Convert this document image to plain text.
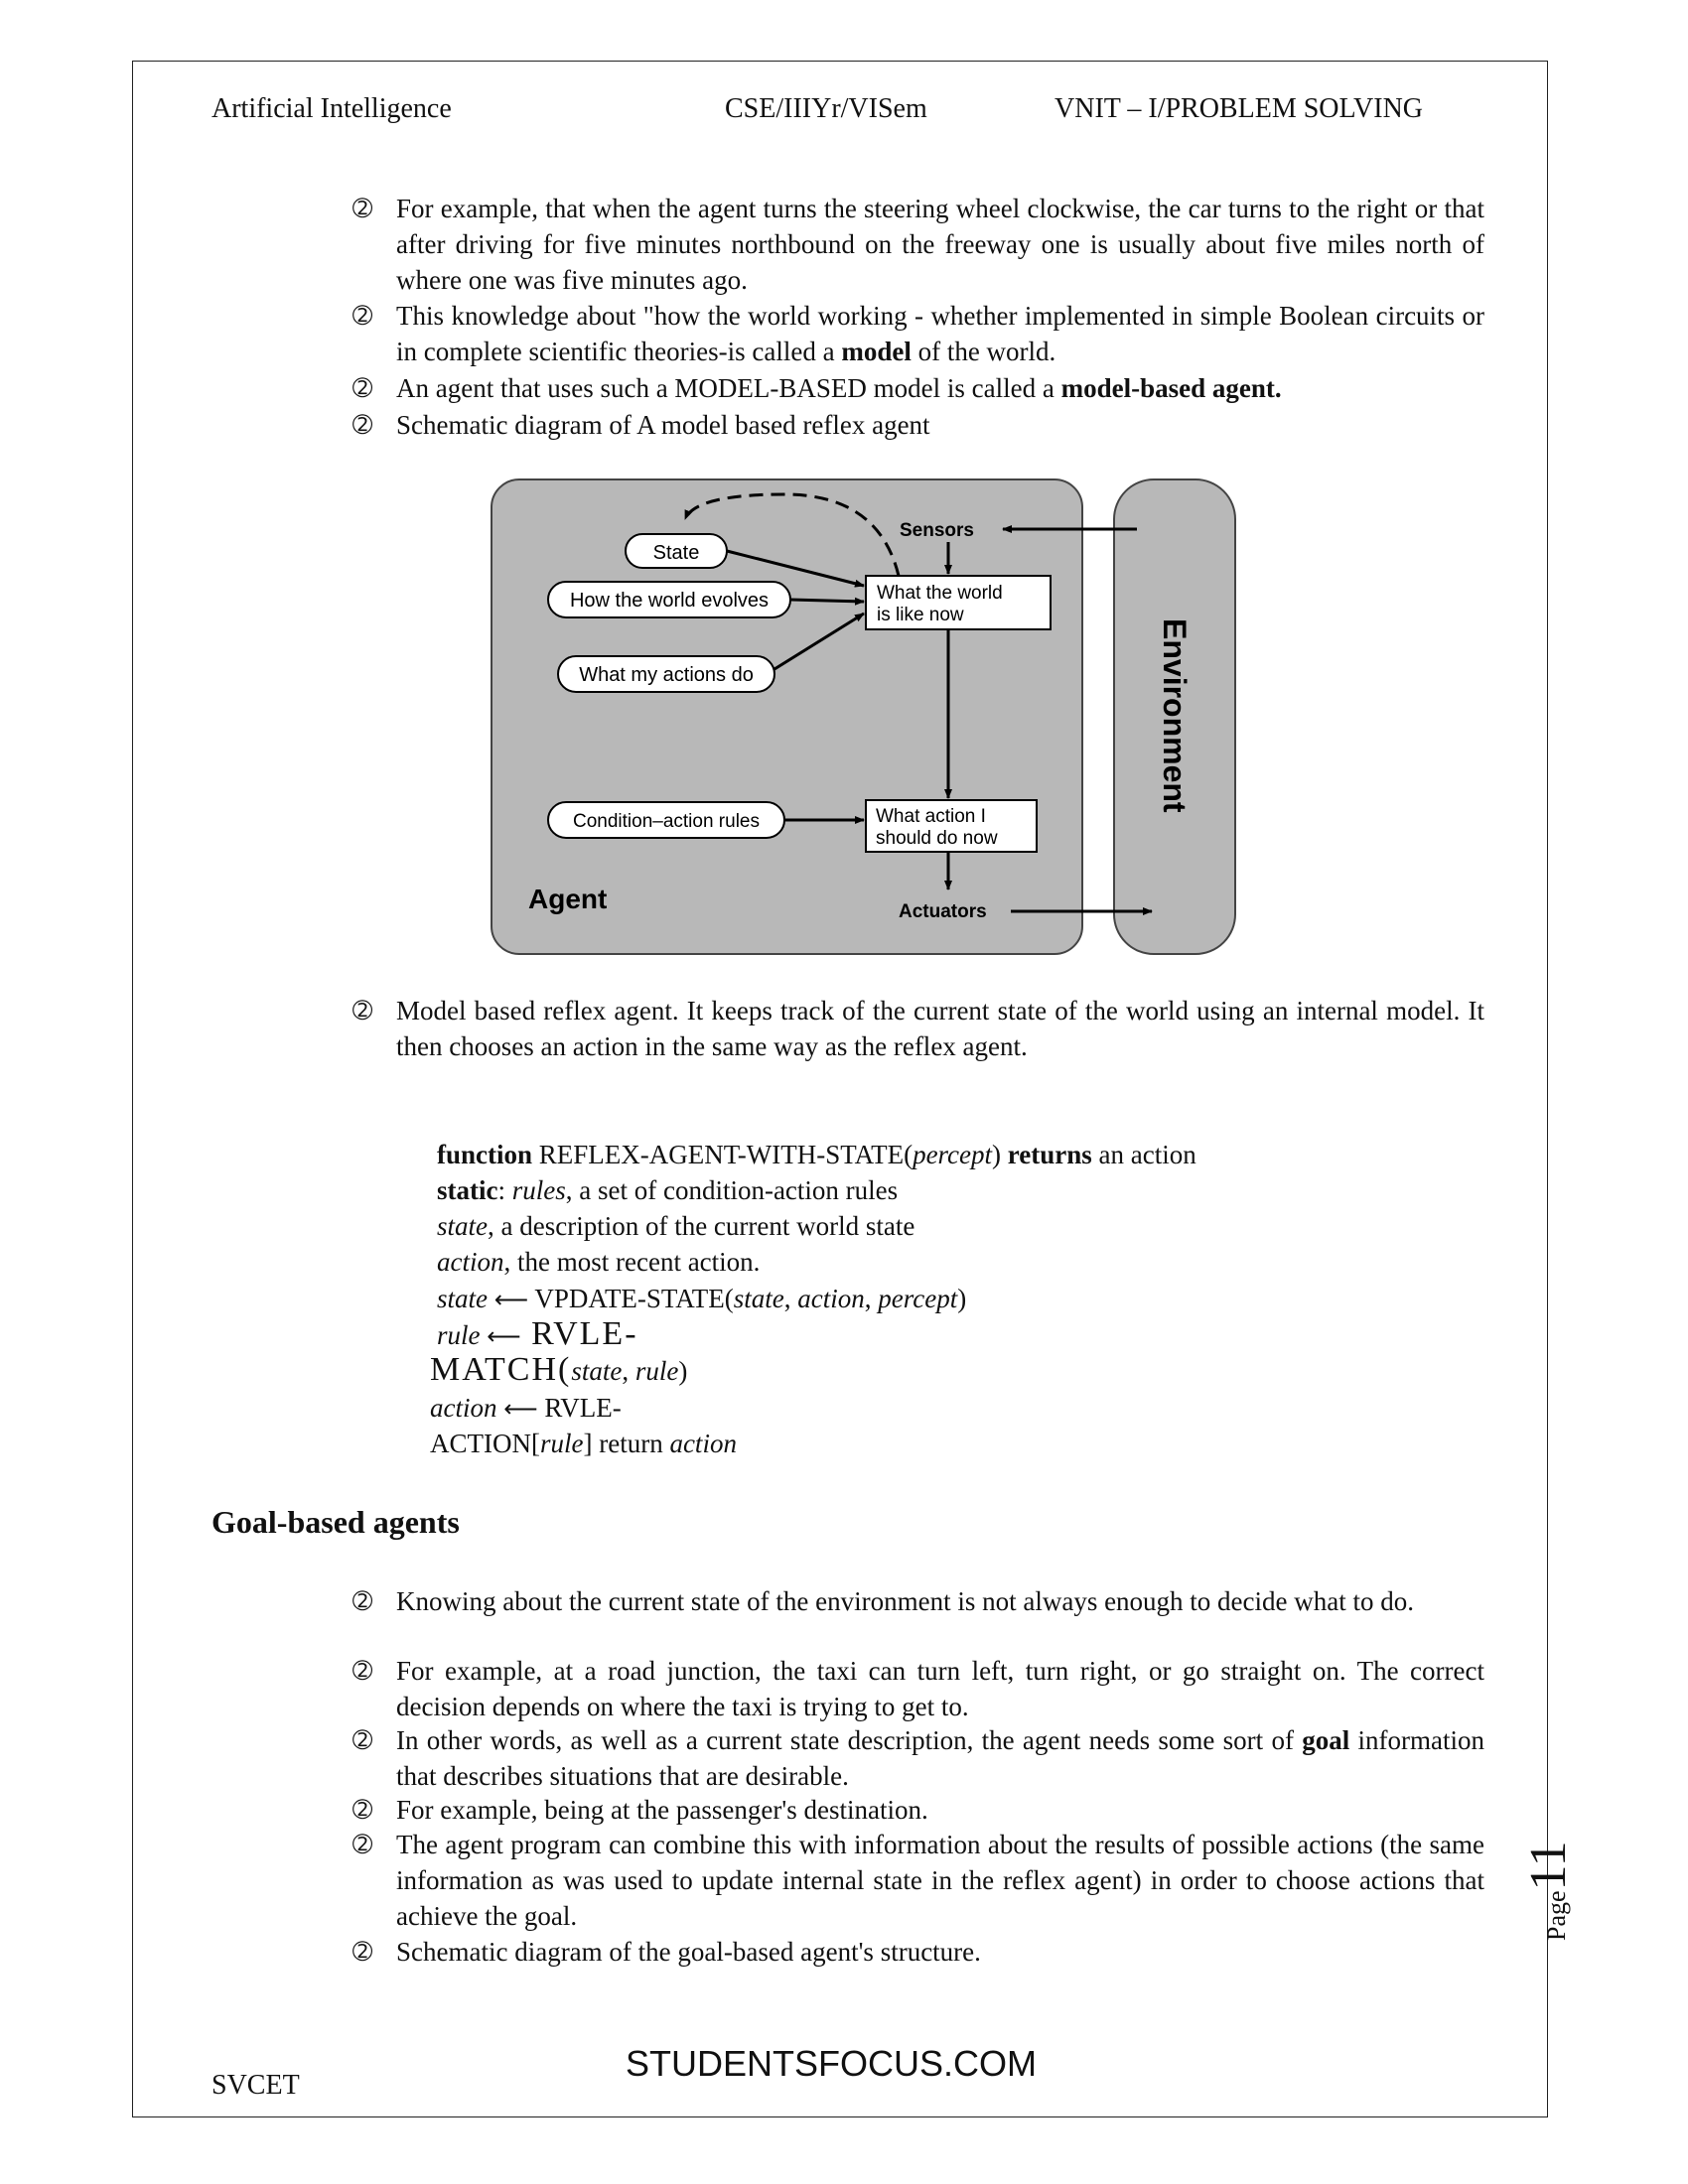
Artificial Intelligence	CSE/IIIYr/VISem	VNIT – I/PROBLEM SOLVING
➁ For example, that when the agent turns the steering wheel clockwise, the car turns to the right or that after driving for five minutes northbound on the freeway one is usually about five miles north of where one was five minutes ago.
➁ This knowledge about "how the world working - whether implemented in simple Boolean circuits or in complete scientific theories-is called a model of the world.
➁ An agent that uses such a MODEL-BASED model is called a model-based agent.
➁ Schematic diagram of A model based reflex agent
State
How the world evolves
What my actions do
What the world
is like now
Sensors
Condition–action rules	What action I
should do now
Actuators
Agent
Environment
➁ Model based reflex agent. It keeps track of the current state of the world using an internal model. It then chooses an action in the same way as the reflex agent.
function REFLEX-AGENT-WITH-STATE(percept) returns an action
static: rules, a set of condition-action rules
state, a description of the current world state
action, the most recent action.
state ⟵ VPDATE-STATE(state, action, percept)
rule ⟵ RVLE-
MATCH(state, rule)
action ⟵ RVLE-
ACTION[rule] return action
Goal-based agents
➁ Knowing about the current state of the environment is not always enough to decide what to do.
➁ For example, at a road junction, the taxi can turn left, turn right, or go straight on. The correct decision depends on where the taxi is trying to get to.
➁ In other words, as well as a current state description, the agent needs some sort of goal information that describes situations that are desirable.
➁ For example, being at the passenger's destination.
➁ The agent program can combine this with information about the results of possible actions (the same information as was used to update internal state in the reflex agent) in order to choose actions that achieve the goal.
➁ Schematic diagram of the goal-based agent's structure.
Page11
STUDENTSFOCUS.COM
SVCET
